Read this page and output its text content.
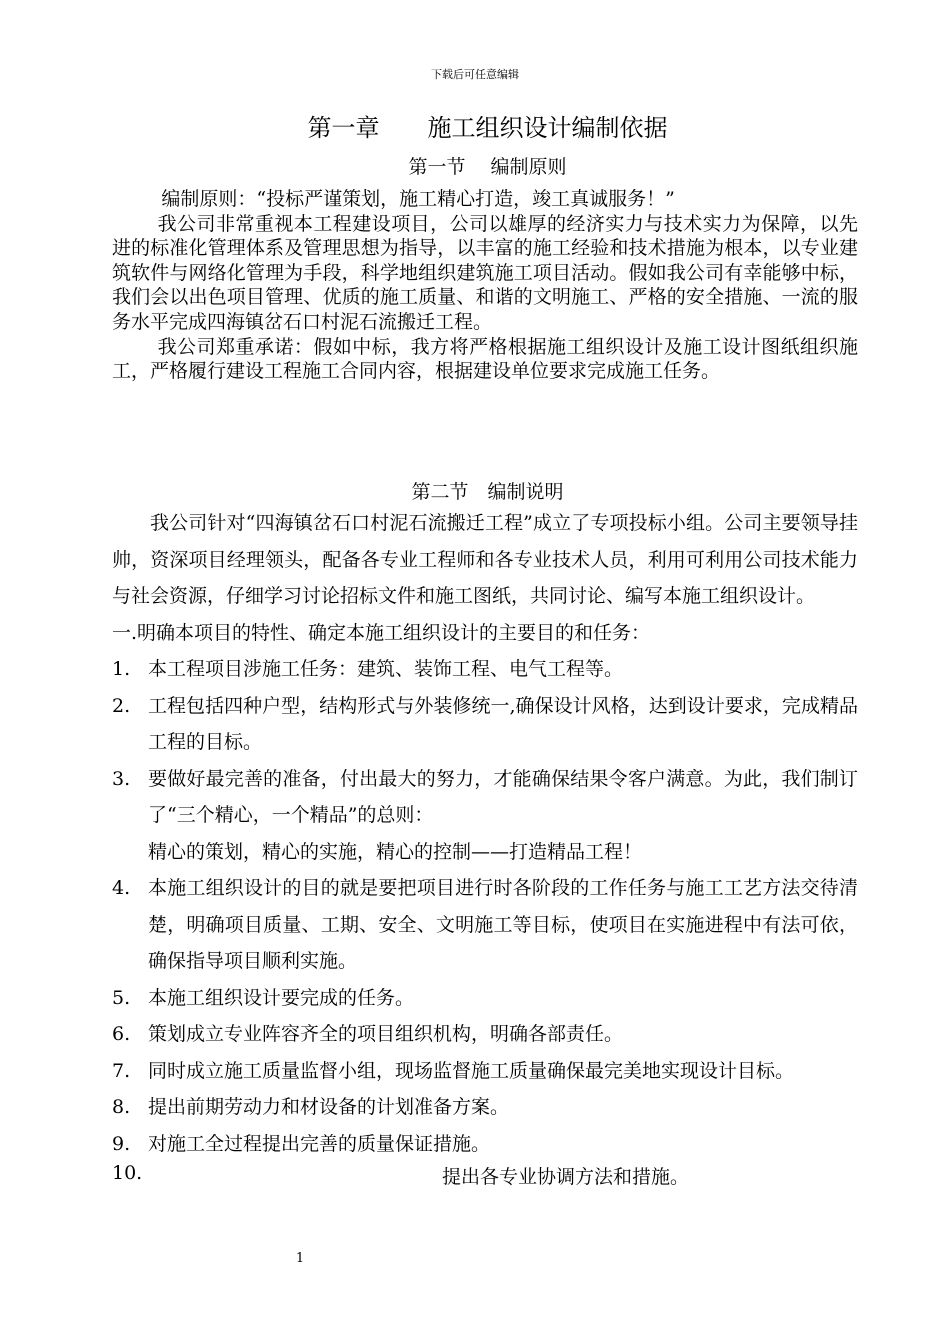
下载后可任意编辑
第一章　　施工组织设计编制依据
第一节　 编制原则

编制原则：“投标严谨策划，施工精心打造，竣工真诚服务！”

我公司非常重视本工程建设项目，公司以雄厚的经济实力与技术实力为保障，以先进的标准化管理体系及管理思想为指导，以丰富的施工经验和技术措施为根本，以专业建筑软件与网络化管理为手段，科学地组织建筑施工项目活动。假如我公司有幸能够中标，我们会以出色项目管理、优质的施工质量、和谐的文明施工、严格的安全措施、一流的服务水平完成四海镇岔石口村泥石流搬迁工程。

我公司郑重承诺：假如中标，我方将严格根据施工组织设计及施工设计图纸组织施工，严格履行建设工程施工合同内容，根据建设单位要求完成施工任务。

第二节　编制说明

我公司针对“四海镇岔石口村泥石流搬迁工程”成立了专项投标小组。公司主要领导挂帅，资深项目经理领头，配备各专业工程师和各专业技术人员，利用可利用公司技术能力与社会资源，仔细学习讨论招标文件和施工图纸，共同讨论、编写本施工组织设计。

一.明确本项目的特性、确定本施工组织设计的主要目的和任务：

1. 本工程项目涉施工任务：建筑、装饰工程、电气工程等。

2. 工程包括四种户型，结构形式与外装修统一,确保设计风格，达到设计要求，完成精品工程的目标。

3. 要做好最完善的准备，付出最大的努力，才能确保结果令客户满意。为此，我们制订了“三个精心，一个精品”的总则：

精心的策划，精心的实施，精心的控制——打造精品工程！

4. 本施工组织设计的目的就是要把项目进行时各阶段的工作任务与施工工艺方法交待清楚，明确项目质量、工期、安全、文明施工等目标，使项目在实施进程中有法可依，确保指导项目顺利实施。

5. 本施工组织设计要完成的任务。

6. 策划成立专业阵容齐全的项目组织机构，明确各部责任。

7. 同时成立施工质量监督小组，现场监督施工质量确保最完美地实现设计目标。

8. 提出前期劳动力和材设备的计划准备方案。

9. 对施工全过程提出完善的质量保证措施。

10.	提出各专业协调方法和措施。
1
